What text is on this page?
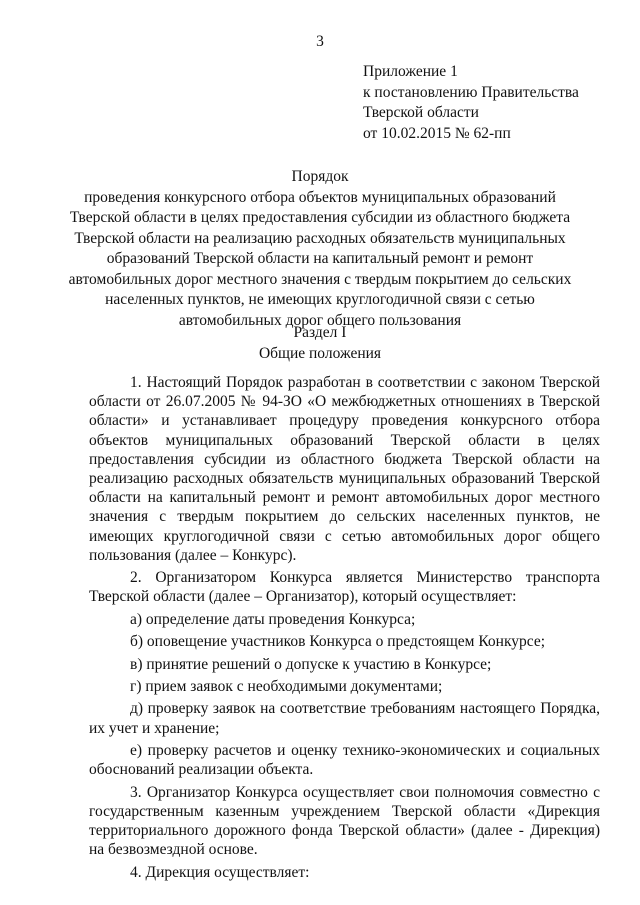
3
Приложение 1
к постановлению Правительства
Тверской области
от 10.02.2015 № 62-пп
Порядок
проведения конкурсного отбора объектов муниципальных образований
Тверской области в целях предоставления субсидии из областного бюджета
Тверской области на реализацию расходных обязательств муниципальных
образований Тверской области на капитальный ремонт и ремонт
автомобильных дорог местного значения с твердым покрытием до сельских
населенных пунктов, не имеющих круглогодичной связи с сетью
автомобильных дорог общего пользования
Раздел I
Общие положения

1. Настоящий Порядок разработан в соответствии с законом Тверской области от 26.07.2005 № 94-ЗО «О межбюджетных отношениях в Тверской области» и устанавливает процедуру проведения конкурсного отбора объектов муниципальных образований Тверской области в целях предоставления субсидии из областного бюджета Тверской области на реализацию расходных обязательств муниципальных образований Тверской области на капитальный ремонт и ремонт автомобильных дорог местного значения с твердым покрытием до сельских населенных пунктов, не имеющих круглогодичной связи с сетью автомобильных дорог общего пользования (далее – Конкурс).

2. Организатором Конкурса является Министерство транспорта Тверской области (далее – Организатор), который осуществляет:

а) определение даты проведения Конкурса;

б) оповещение участников Конкурса о предстоящем Конкурсе;

в) принятие решений о допуске к участию в Конкурсе;

г) прием заявок с необходимыми документами;

д) проверку заявок на соответствие требованиям настоящего Порядка, их учет и хранение;

е) проверку расчетов и оценку технико-экономических и социальных обоснований реализации объекта.

3. Организатор Конкурса осуществляет свои полномочия совместно с государственным казенным учреждением Тверской области «Дирекция территориального дорожного фонда Тверской области» (далее - Дирекция) на безвозмездной основе.

4. Дирекция осуществляет:
